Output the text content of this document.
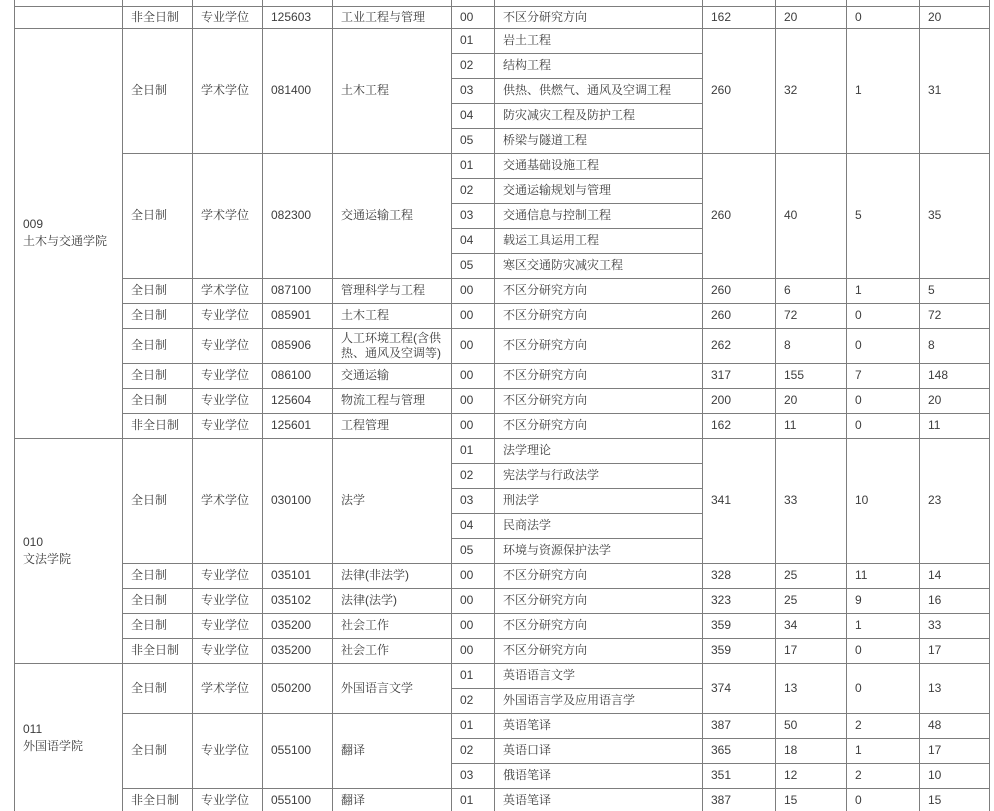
	非全日制	专业学位	125603	工业工程与管理	00	不区分研究方向	162	20	0	20

009
土木与交通学院	全日制	学术学位	081400	土木工程	01	岩土工程	260	32	1	31
					02	结构工程				
					03	供热、供燃气、通风及空调工程				
					04	防灾减灾工程及防护工程				
					05	桥梁与隧道工程				
	全日制	学术学位	082300	交通运输工程	01	交通基础设施工程	260	40	5	35
					02	交通运输规划与管理				
					03	交通信息与控制工程				
					04	载运工具运用工程				
					05	寒区交通防灾减灾工程				
	全日制	学术学位	087100	管理科学与工程	00	不区分研究方向	260	6	1	5
	全日制	专业学位	085901	土木工程	00	不区分研究方向	260	72	0	72
	全日制	专业学位	085906	人工环境工程(含供热、通风及空调等)	00	不区分研究方向	262	8	0	8
	全日制	专业学位	086100	交通运输	00	不区分研究方向	317	155	7	148
	全日制	专业学位	125604	物流工程与管理	00	不区分研究方向	200	20	0	20
	非全日制	专业学位	125601	工程管理	00	不区分研究方向	162	11	0	11

010
文法学院	全日制	学术学位	030100	法学	01	法学理论	341	33	10	23
					02	宪法学与行政法学				
					03	刑法学				
					04	民商法学				
					05	环境与资源保护法学				
	全日制	专业学位	035101	法律(非法学)	00	不区分研究方向	328	25	11	14
	全日制	专业学位	035102	法律(法学)	00	不区分研究方向	323	25	9	16
	全日制	专业学位	035200	社会工作	00	不区分研究方向	359	34	1	33
	非全日制	专业学位	035200	社会工作	00	不区分研究方向	359	17	0	17

011
外国语学院	全日制	学术学位	050200	外国语言文学	01	英语语言文学	374	13	0	13
					02	外国语言学及应用语言学				
	全日制	专业学位	055100	翻译	01	英语笔译	387	50	2	48
					02	英语口译	365	18	1	17
					03	俄语笔译	351	12	2	10
	非全日制	专业学位	055100	翻译	01	英语笔译	387	15	0	15
